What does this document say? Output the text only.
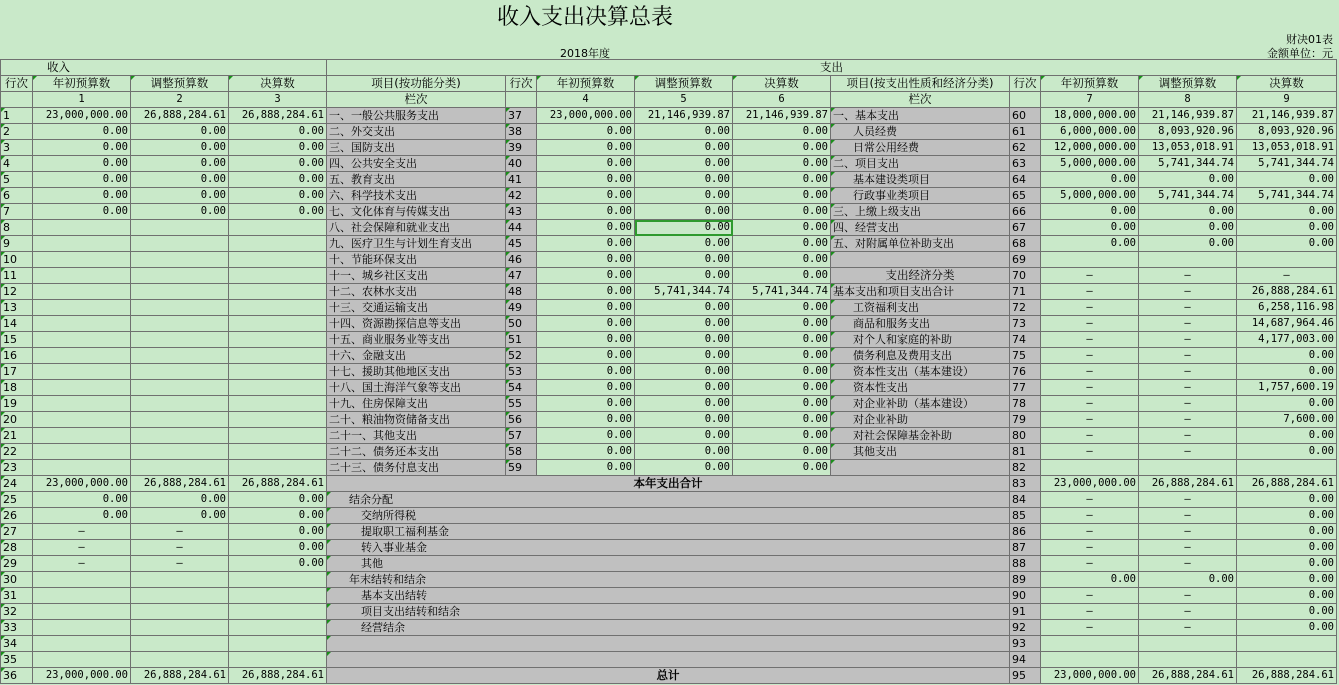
收入支出决算总表
财决01表
2018年度	金额单位：元
收入				支出									
行次	年初预算数	调整预算数	决算数	项目(按功能分类)	行次	年初预算数	调整预算数	决算数	项目(按支出性质和经济分类)	行次	年初预算数	调整预算数	决算数
	1	2	3	栏次		4	5	6	栏次		7	8	9
1	23,000,000.00	26,888,284.61	26,888,284.61	一、一般公共服务支出	37	23,000,000.00	21,146,939.87	21,146,939.87	一、基本支出	60	18,000,000.00	21,146,939.87	21,146,939.87
2	0.00	0.00	0.00	二、外交支出	38	0.00	0.00	0.00	人员经费	61	6,000,000.00	8,093,920.96	8,093,920.96
3	0.00	0.00	0.00	三、国防支出	39	0.00	0.00	0.00	日常公用经费	62	12,000,000.00	13,053,018.91	13,053,018.91
4	0.00	0.00	0.00	四、公共安全支出	40	0.00	0.00	0.00	二、项目支出	63	5,000,000.00	5,741,344.74	5,741,344.74
5	0.00	0.00	0.00	五、教育支出	41	0.00	0.00	0.00	基本建设类项目	64	0.00	0.00	0.00
6	0.00	0.00	0.00	六、科学技术支出	42	0.00	0.00	0.00	行政事业类项目	65	5,000,000.00	5,741,344.74	5,741,344.74
7	0.00	0.00	0.00	七、文化体育与传媒支出	43	0.00	0.00	0.00	三、上缴上级支出	66	0.00	0.00	0.00
8				八、社会保障和就业支出	44	0.00	0.00	0.00	四、经营支出	67	0.00	0.00	0.00
9				九、医疗卫生与计划生育支出	45	0.00	0.00	0.00	五、对附属单位补助支出	68	0.00	0.00	0.00
10				十、节能环保支出	46	0.00	0.00	0.00		69			
11				十一、城乡社区支出	47	0.00	0.00	0.00	支出经济分类	70	—	—	—
12				十二、农林水支出	48	0.00	5,741,344.74	5,741,344.74	基本支出和项目支出合计	71	—	—	26,888,284.61
13				十三、交通运输支出	49	0.00	0.00	0.00	工资福利支出	72	—	—	6,258,116.98
14				十四、资源勘探信息等支出	50	0.00	0.00	0.00	商品和服务支出	73	—	—	14,687,964.46
15				十五、商业服务业等支出	51	0.00	0.00	0.00	对个人和家庭的补助	74	—	—	4,177,003.00
16				十六、金融支出	52	0.00	0.00	0.00	债务利息及费用支出	75	—	—	0.00
17				十七、援助其他地区支出	53	0.00	0.00	0.00	资本性支出（基本建设）	76	—	—	0.00
18				十八、国土海洋气象等支出	54	0.00	0.00	0.00	资本性支出	77	—	—	1,757,600.19
19				十九、住房保障支出	55	0.00	0.00	0.00	对企业补助（基本建设）	78	—	—	0.00
20				二十、粮油物资储备支出	56	0.00	0.00	0.00	对企业补助	79	—	—	7,600.00
21				二十一、其他支出	57	0.00	0.00	0.00	对社会保障基金补助	80	—	—	0.00
22				二十二、债务还本支出	58	0.00	0.00	0.00	其他支出	81	—	—	0.00
23				二十三、债务付息支出	59	0.00	0.00	0.00		82			
24	23,000,000.00	26,888,284.61	26,888,284.61	本年支出合计						83	23,000,000.00	26,888,284.61	26,888,284.61
25	0.00	0.00	0.00	结余分配						84	—	—	0.00
26	0.00	0.00	0.00	交纳所得税						85	—	—	0.00
27	—	—	0.00	提取职工福利基金						86	—	—	0.00
28	—	—	0.00	转入事业基金						87	—	—	0.00
29	—	—	0.00	其他						88	—	—	0.00
30				年末结转和结余						89	0.00	0.00	0.00
31				基本支出结转						90	—	—	0.00
32				项目支出结转和结余						91	—	—	0.00
33				经营结余						92	—	—	0.00
34										93			
35										94			
36	23,000,000.00	26,888,284.61	26,888,284.61	总计						95	23,000,000.00	26,888,284.61	26,888,284.61
